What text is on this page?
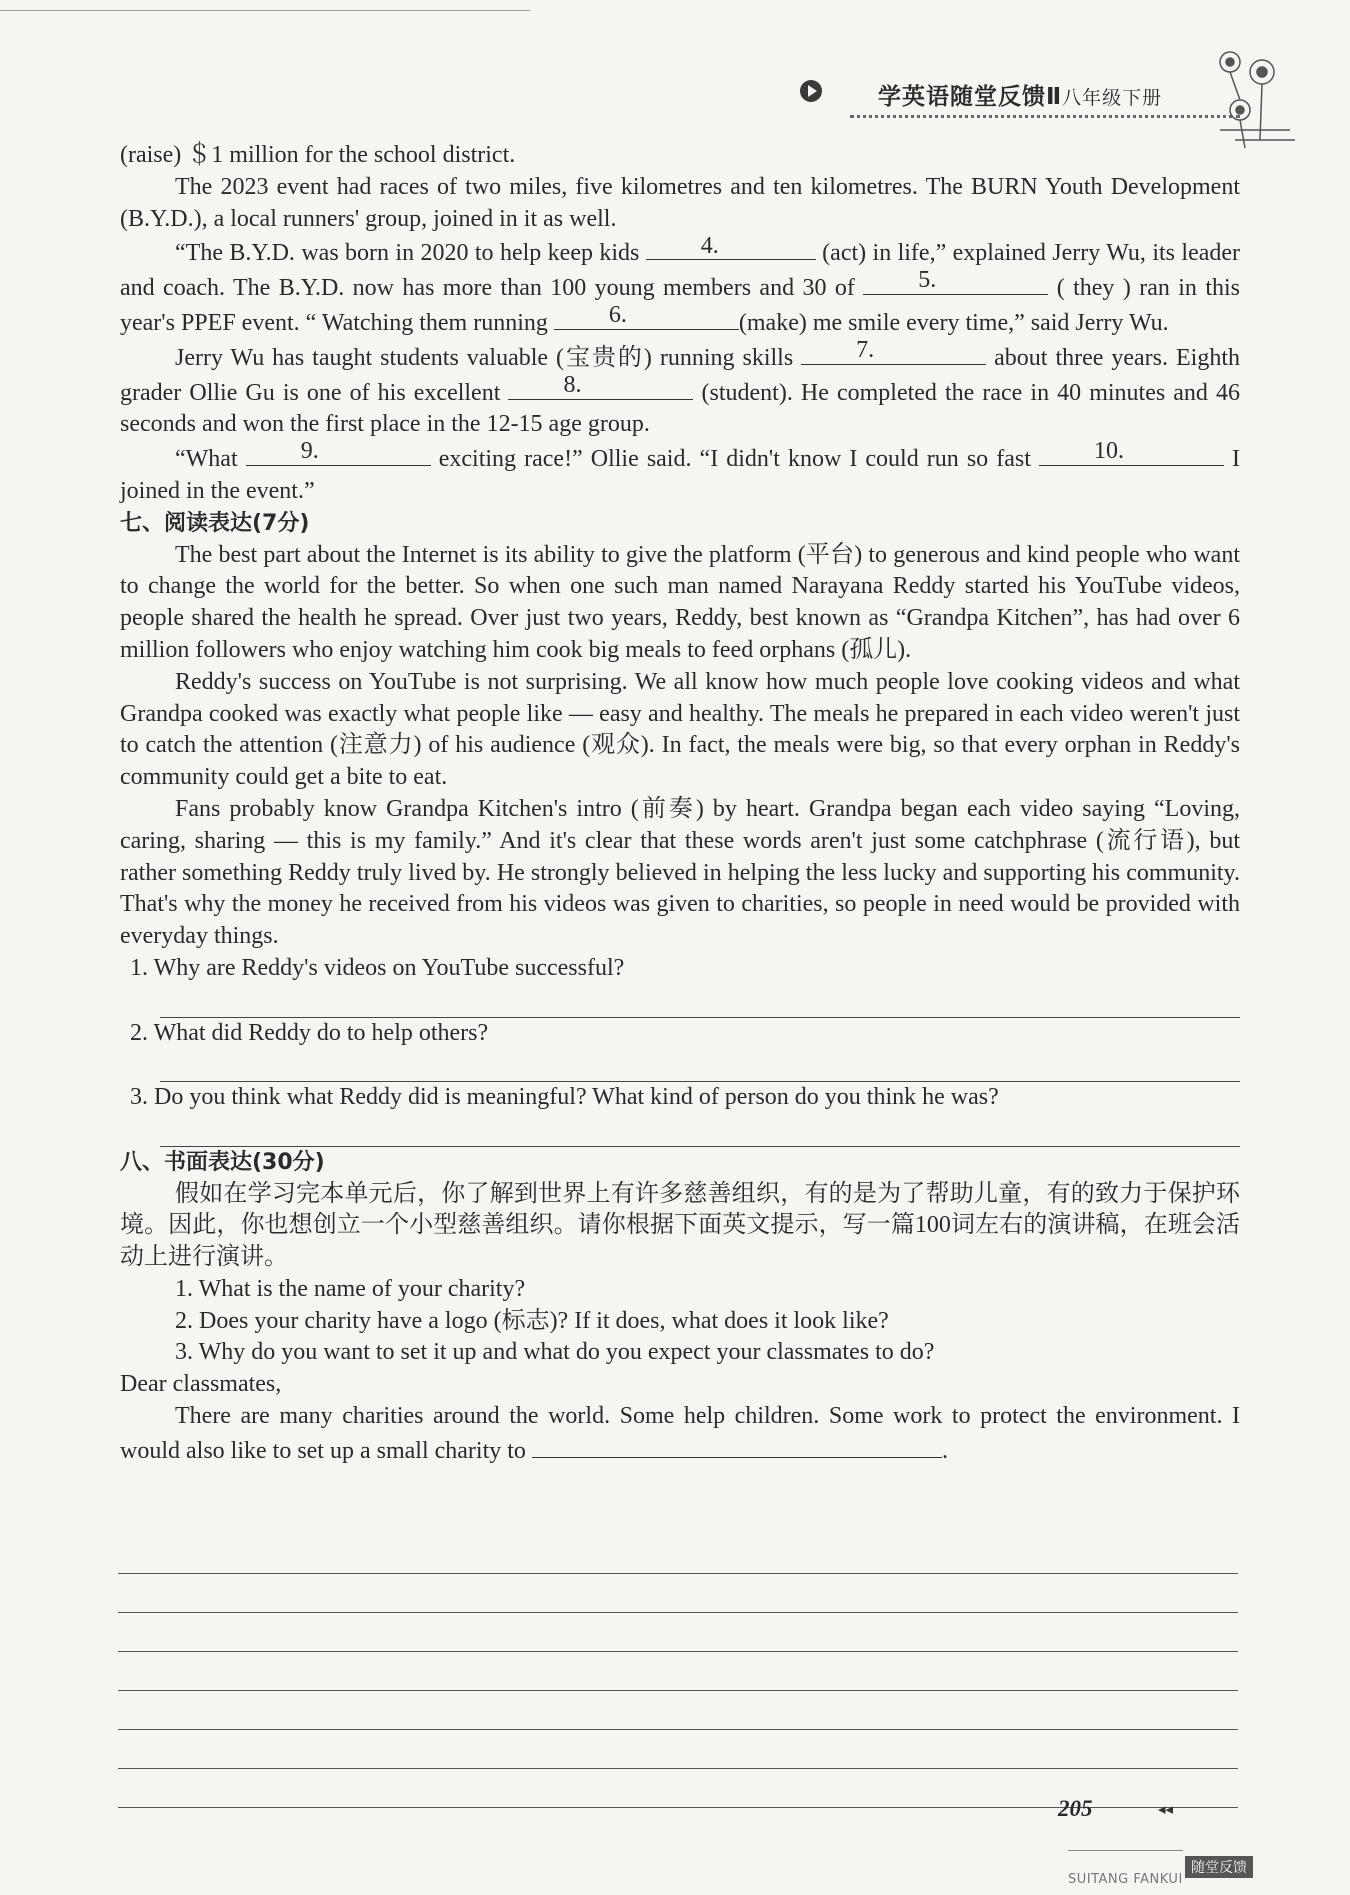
学英语随堂反馈Ⅱ八年级下册

(raise) ＄1 million for the school district.

The 2023 event had races of two miles, five kilometres and ten kilometres. The BURN Youth Development (B.Y.D.), a local runners' group, joined in it as well.

“The B.Y.D. was born in 2020 to help keep kids	4.	(act) in life,” explained Jerry Wu, its leader and coach. The B.Y.D. now has more than 100 young members and 30 of	5.	( they ) ran in this year's PPEF event. “ Watching them running	6.	(make) me smile every time,” said Jerry Wu.

Jerry Wu has taught students valuable (宝贵的) running skills	7.	about three years. Eighth grader Ollie Gu is one of his excellent	8.	(student). He completed the race in 40 minutes and 46 seconds and won the first place in the 12-15 age group.

“What	9.	exciting race!” Ollie said. “I didn't know I could run so fast	10.	I joined in the event.”

七、阅读表达(7分)

The best part about the Internet is its ability to give the platform (平台) to generous and kind people who want to change the world for the better. So when one such man named Narayana Reddy started his YouTube videos, people shared the health he spread. Over just two years, Reddy, best known as “Grandpa Kitchen”, has had over 6 million followers who enjoy watching him cook big meals to feed orphans (孤儿).

Reddy's success on YouTube is not surprising. We all know how much people love cooking videos and what Grandpa cooked was exactly what people like — easy and healthy. The meals he prepared in each video weren't just to catch the attention (注意力) of his audience (观众). In fact, the meals were big, so that every orphan in Reddy's community could get a bite to eat.

Fans probably know Grandpa Kitchen's intro (前奏) by heart. Grandpa began each video saying “Loving, caring, sharing — this is my family.” And it's clear that these words aren't just some catchphrase (流行语), but rather something Reddy truly lived by. He strongly believed in helping the less lucky and supporting his community. That's why the money he received from his videos was given to charities, so people in need would be provided with everyday things.

1. Why are Reddy's videos on YouTube successful?

2. What did Reddy do to help others?

3. Do you think what Reddy did is meaningful? What kind of person do you think he was?

八、书面表达(30分)

假如在学习完本单元后，你了解到世界上有许多慈善组织，有的是为了帮助儿童，有的致力于保护环境。因此，你也想创立一个小型慈善组织。请你根据下面英文提示，写一篇100词左右的演讲稿，在班会活动上进行演讲。

1. What is the name of your charity?

2. Does your charity have a logo (标志)? If it does, what does it look like?

3. Why do you want to set it up and what do you expect your classmates to do?

Dear classmates,

There are many charities around the world. Some help children. Some work to protect the environment. I would also like to set up a small charity to	.

205	◂◂
随堂反馈
SUITANG FANKUI
